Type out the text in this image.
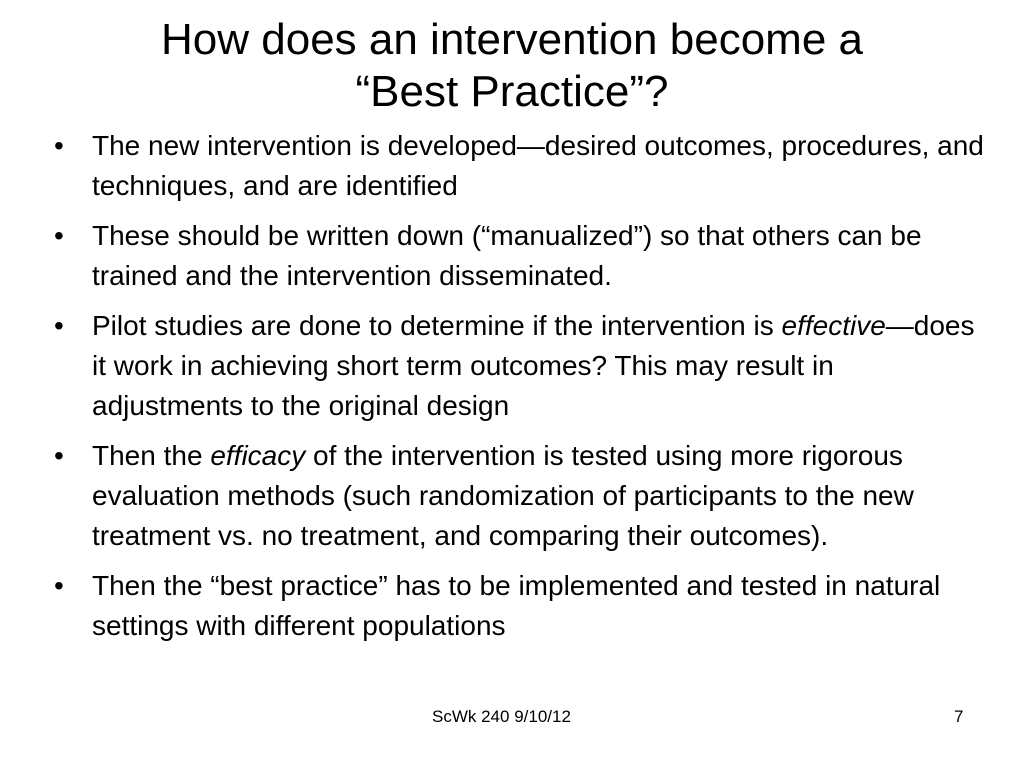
How does an intervention become a
“Best Practice”?
• The new intervention is developed—desired outcomes, procedures, and techniques, and are identified
• These should be written down (“manualized”) so that others can be trained and the intervention disseminated.
• Pilot studies are done to determine if the intervention is effective—does it work in achieving short term outcomes? This may result in adjustments to the original design
• Then the efficacy of the intervention is tested using more rigorous evaluation methods (such randomization of participants to the new treatment vs. no treatment, and comparing their outcomes).
• Then the “best practice” has to be implemented and tested in natural settings with different populations
ScWk 240 9/10/12	7
